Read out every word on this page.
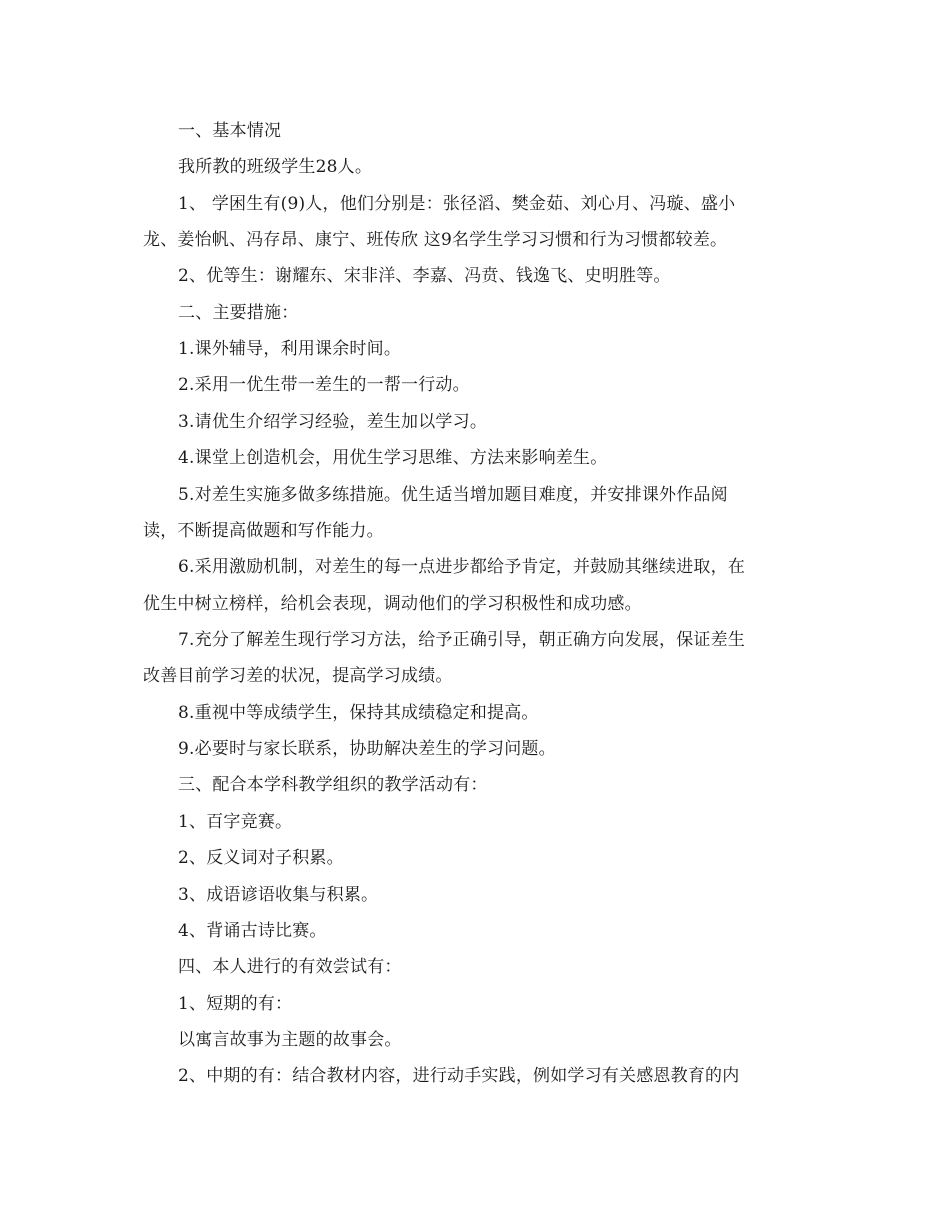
一、基本情况
我所教的班级学生28人。
1、 学困生有(9)人，他们分别是：张径滔、樊金茹、刘心月、冯璇、盛小
龙、姜怡帆、冯存昂、康宁、班传欣 这9名学生学习习惯和行为习惯都较差。
2、优等生：谢耀东、宋非洋、李嘉、冯贲、钱逸飞、史明胜等。
二、主要措施：
1.课外辅导，利用课余时间。
2.采用一优生带一差生的一帮一行动。
3.请优生介绍学习经验，差生加以学习。
4.课堂上创造机会，用优生学习思维、方法来影响差生。
5.对差生实施多做多练措施。优生适当增加题目难度，并安排课外作品阅
读，不断提高做题和写作能力。
6.采用激励机制，对差生的每一点进步都给予肯定，并鼓励其继续进取，在
优生中树立榜样，给机会表现，调动他们的学习积极性和成功感。
7.充分了解差生现行学习方法，给予正确引导，朝正确方向发展，保证差生
改善目前学习差的状况，提高学习成绩。
8.重视中等成绩学生，保持其成绩稳定和提高。
9.必要时与家长联系，协助解决差生的学习问题。
三、配合本学科教学组织的教学活动有：
1、百字竞赛。
2、反义词对子积累。
3、成语谚语收集与积累。
4、背诵古诗比赛。
四、本人进行的有效尝试有：
1、短期的有：
以寓言故事为主题的故事会。
2、中期的有：结合教材内容，进行动手实践，例如学习有关感恩教育的内
